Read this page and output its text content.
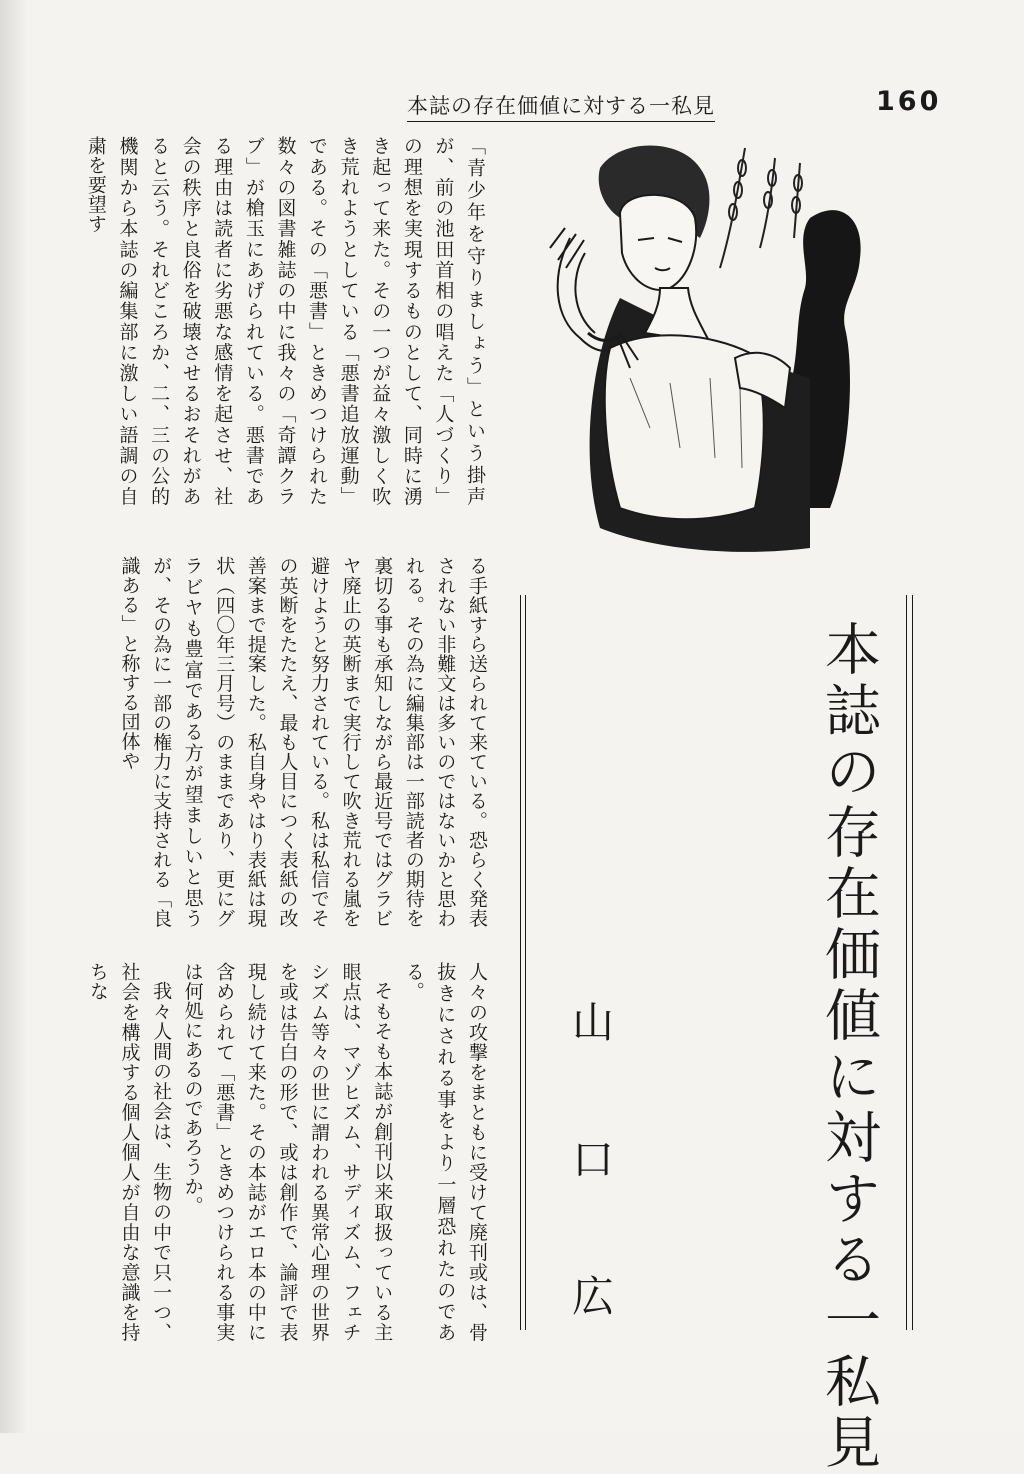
本誌の存在価値に対する一私見	160

「青少年を守りましょう」という掛声が、前の池田首相の唱えた「人づくり」の理想を実現するものとして、同時に湧き起って来た。その一つが益々激しく吹き荒れようとしている「悪書追放運動」である。その「悪書」ときめつけられた数々の図書雑誌の中に我々の「奇譚クラブ」が槍玉にあげられている。悪書である理由は読者に劣悪な感情を起させ、社会の秩序と良俗を破壊させるおそれがあると云う。それどころか、二、三の公的機関から本誌の編集部に激しい語調の自粛を要望す

る手紙すら送られて来ている。恐らく発表されない非難文は多いのではないかと思われる。その為に編集部は一部読者の期待を裏切る事も承知しながら最近号ではグラビヤ廃止の英断まで実行して吹き荒れる嵐を避けようと努力されている。私は私信でその英断をたたえ、最も人目につく表紙の改善案まで提案した。私自身やはり表紙は現状（四〇年三月号）のままであり、更にグラビヤも豊富である方が望ましいと思うが、その為に一部の権力に支持される「良識ある」と称する団体や

人々の攻撃をまともに受けて廃刊或は、骨抜きにされる事をより一層恐れたのである。

そもそも本誌が創刊以来取扱っている主眼点は、マゾヒズム、サディズム、フェチシズム等々の世に謂われる異常心理の世界を或は告白の形で、或は創作で、論評で表現し続けて来た。その本誌がエロ本の中に含められて「悪書」ときめつけられる事実は何処にあるのであろうか。

我々人間の社会は、生物の中で只一つ、社会を構成する個人個人が自由な意識を持ちな	本誌の存在価値に対する一私見
山口広
